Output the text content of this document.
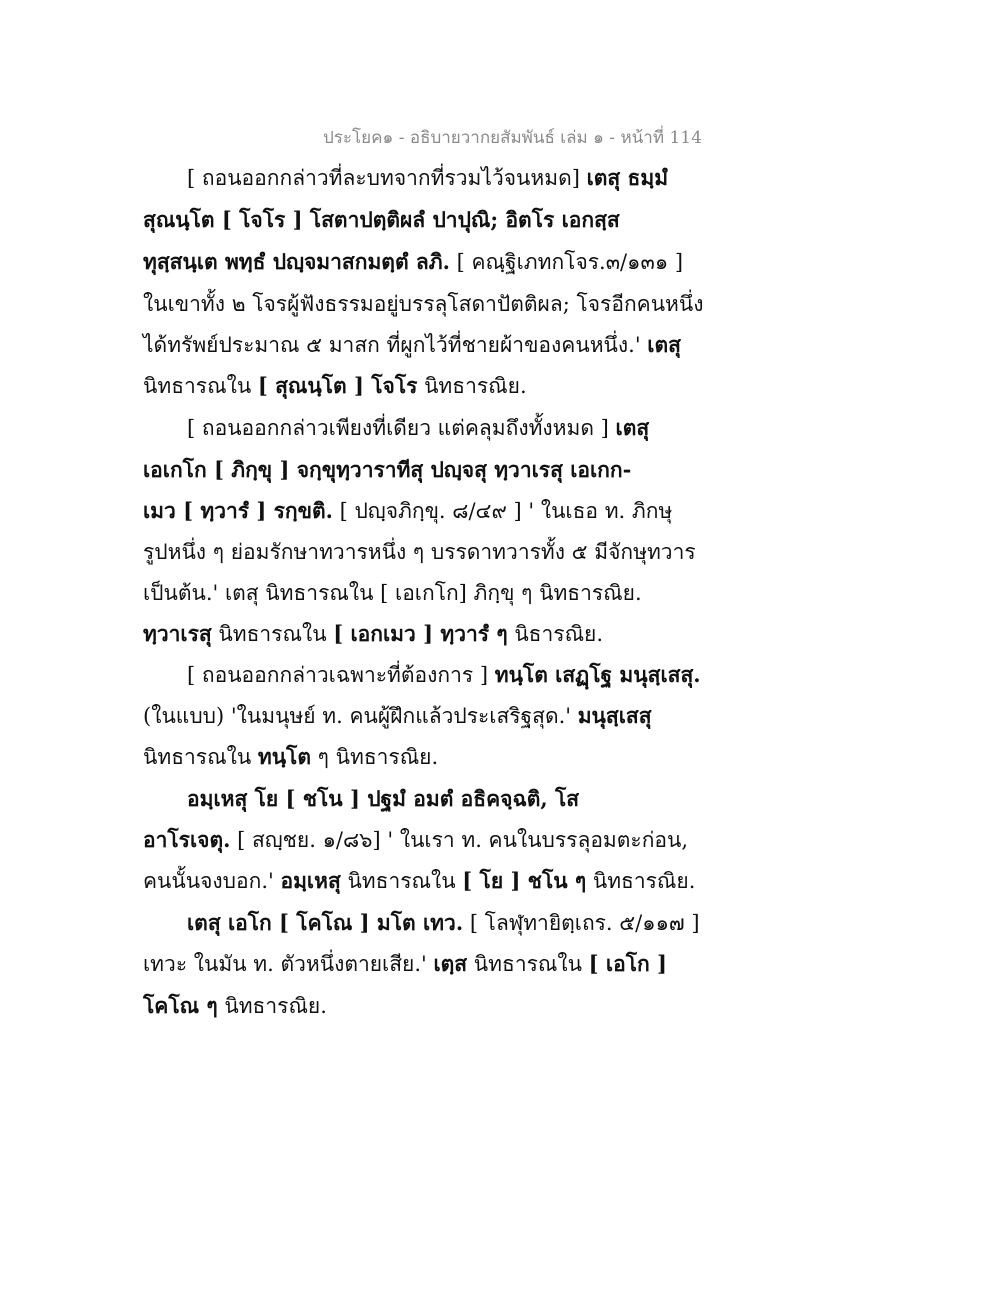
ประโยค๑ - อธิบายวากยสัมพันธ์ เล่ม ๑ - หน้าที่ 114
[ ถอนออกกล่าวที่ละบทจากที่รวมไว้จนหมด] เตสุ ธมฺมํ
สุณนฺโต [ โจโร ] โสตาปตฺติผลํ ปาปุณิ; อิตโร เอกสฺส
ทุสฺสนฺเต พทฺธํ ปญฺจมาสกมตฺตํ ลภิ. [ คณฺฐิเภทกโจร.๓/๑๓๑ ]
ในเขาทั้ง ๒ โจรผู้ฟังธรรมอยู่บรรลุโสดาปัตติผล; โจรอีกคนหนึ่ง
ได้ทรัพย์ประมาณ ๕ มาสก ที่ผูกไว้ที่ชายผ้าของคนหนึ่ง.' เตสุ
นิทธารณใน [ สุณนฺโต ] โจโร นิทธารณิย.
[ ถอนออกกล่าวเพียงที่เดียว แต่คลุมถึงทั้งหมด ] เตสุ
เอเกโก [ ภิกฺขุ ] จกฺขุทฺวาราทีสุ ปญฺจสุ ทฺวาเรสุ เอเกก-
เมว [ ทฺวารํ ] รกฺขติ. [ ปญฺจภิกฺขุ. ๘/๔๙ ] ' ในเธอ ท. ภิกษุ
รูปหนึ่ง ๆ ย่อมรักษาทวารหนึ่ง ๆ บรรดาทวารทั้ง ๕ มีจักษุทวาร
เป็นต้น.' เตสุ นิทธารณใน [ เอเกโก] ภิกฺขุ ๆ นิทธารณิย.
ทฺวาเรสุ นิทธารณใน [ เอกเมว ] ทฺวารํ ๆ นิธารณิย.
[ ถอนออกกล่าวเฉพาะที่ต้องการ ] ทนฺโต เสฏฺโฐ มนุสฺเสสุ.
(ในแบบ) 'ในมนุษย์ ท. คนผู้ฝึกแล้วประเสริฐสุด.' มนุสฺเสสุ
นิทธารณใน ทนฺโต ๆ นิทธารณิย.
อมฺเหสุ โย [ ชโน ] ปฐมํ อมตํ อธิคจฺฉติ, โส
อาโรเจตุ. [ สญฺชย. ๑/๘๖] ' ในเรา ท. คนในบรรลุอมตะก่อน,
คนนั้นจงบอก.' อมฺเหสุ นิทธารณใน [ โย ] ชโน ๆ นิทธารณิย.
เตสุ เอโก [ โคโณ ] มโต เทว. [ โลฬุทายิตฺเถร. ๕/๑๑๗ ]
เทวะ ในมัน ท. ตัวหนึ่งตายเสีย.' เตฺส นิทธารณใน [ เอโก ]
โคโณ ๆ นิทธารณิย.
